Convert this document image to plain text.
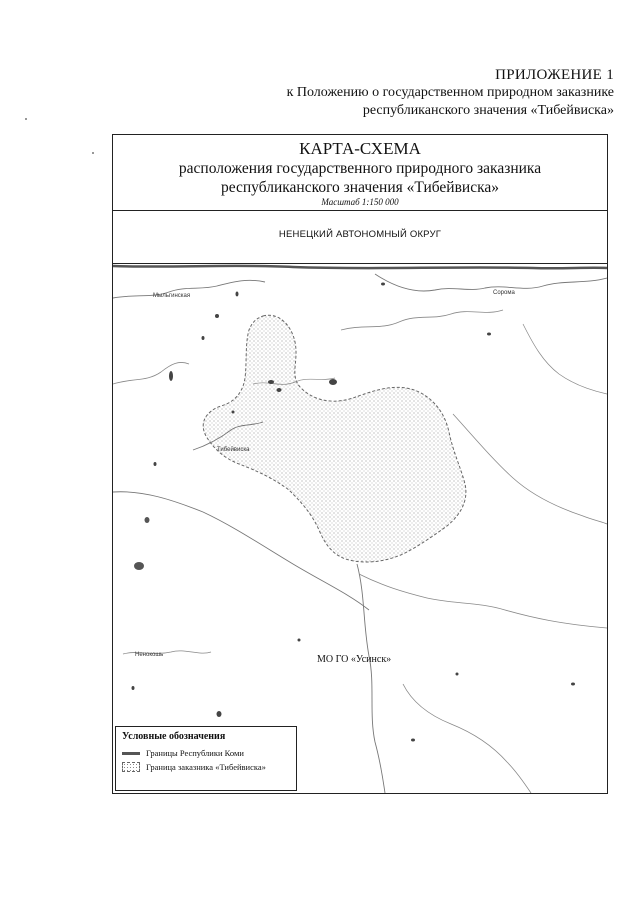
ПРИЛОЖЕНИЕ 1
к Положению о государственном природном заказнике
республиканского значения «Тибейвиска»
КАРТА-СХЕМА
расположения государственного природного заказника
республиканского значения «Тибейвиска»
Масштаб 1:150 000
НЕНЕЦКИЙ АВТОНОМНЫЙ ОКРУГ
Мыльгинская	Сорома
Тибейвиска
Ненокошь	МО ГО «Усинск»
Условные обозначения
Границы Республики Коми
Граница заказника «Тибейвиска»
